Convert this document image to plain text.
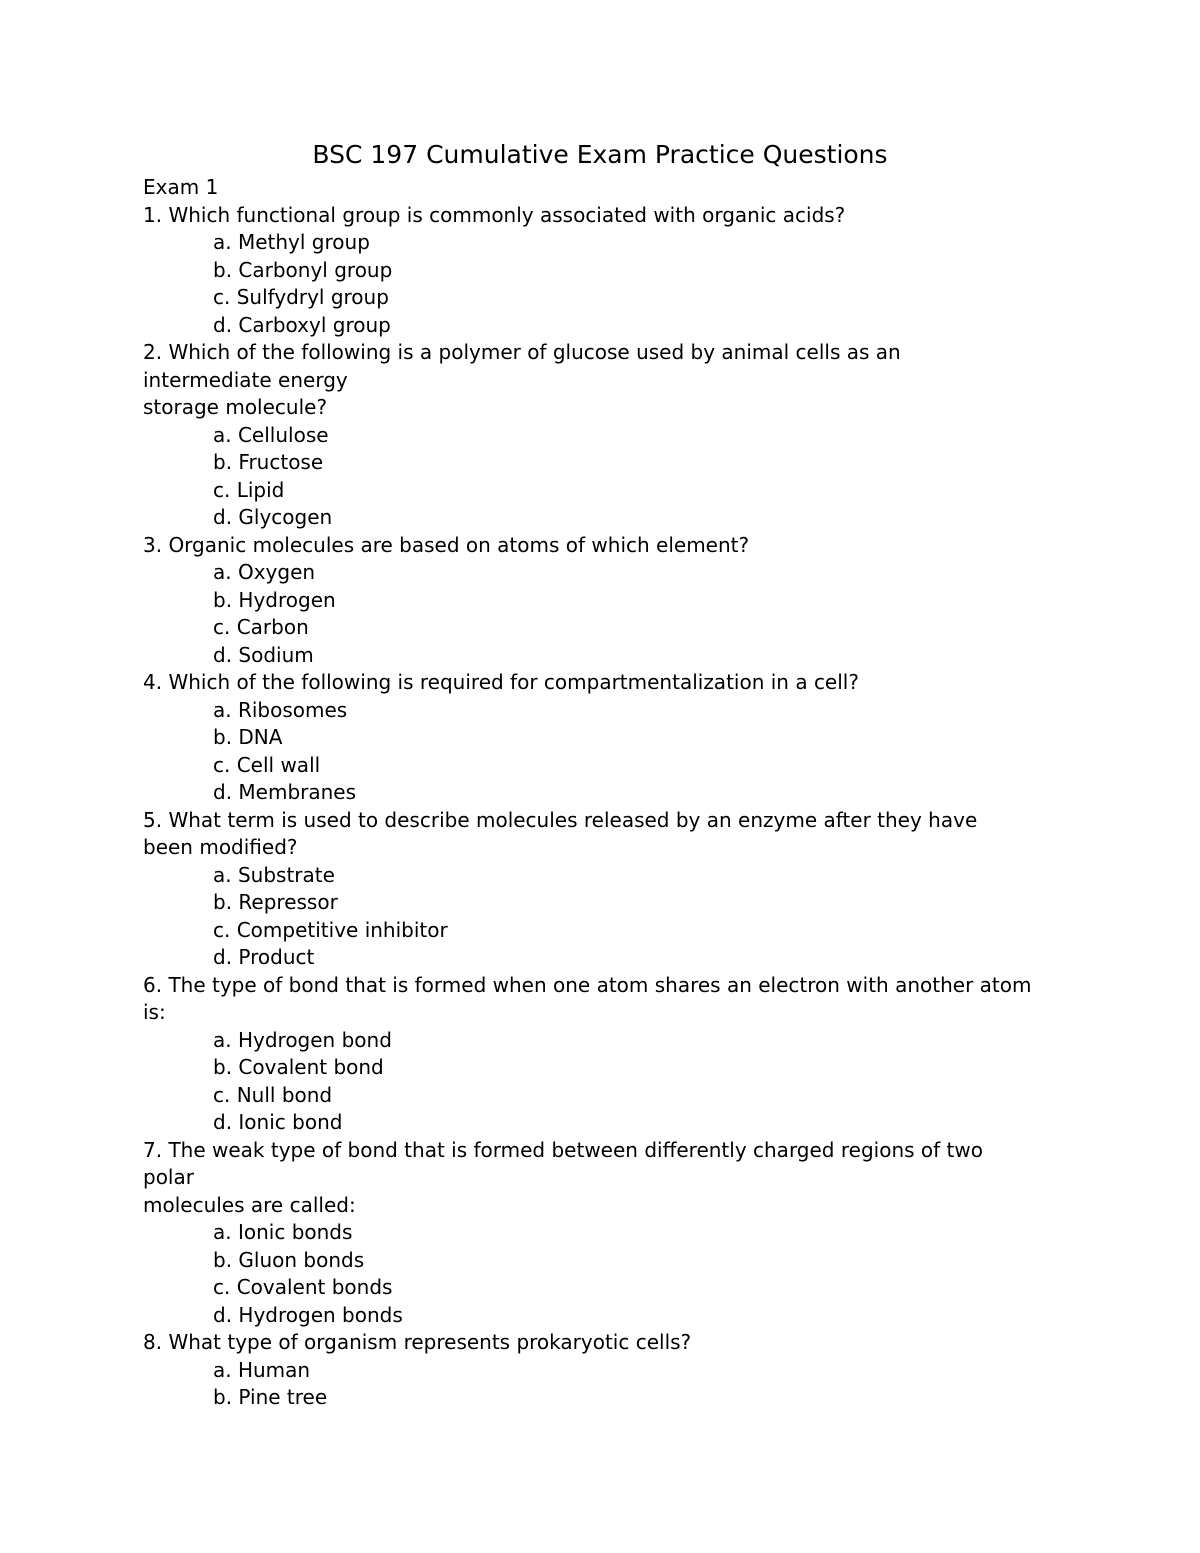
BSC 197 Cumulative Exam Practice Questions

Exam 1

1. Which functional group is commonly associated with organic acids?

a. Methyl group
b. Carbonyl group
c. Sulfydryl group
d. Carboxyl group

2. Which of the following is a polymer of glucose used by animal cells as an intermediate energy

storage molecule?

a. Cellulose
b. Fructose
c. Lipid
d. Glycogen

3. Organic molecules are based on atoms of which element?

a. Oxygen
b. Hydrogen
c. Carbon
d. Sodium

4. Which of the following is required for compartmentalization in a cell?

a. Ribosomes
b. DNA
c. Cell wall
d. Membranes

5. What term is used to describe molecules released by an enzyme after they have been modified?

a. Substrate
b. Repressor
c. Competitive inhibitor
d. Product

6. The type of bond that is formed when one atom shares an electron with another atom is:

a. Hydrogen bond
b. Covalent bond
c. Null bond
d. Ionic bond

7. The weak type of bond that is formed between differently charged regions of two polar

molecules are called:

a. Ionic bonds
b. Gluon bonds
c. Covalent bonds
d. Hydrogen bonds

8. What type of organism represents prokaryotic cells?

a. Human
b. Pine tree
